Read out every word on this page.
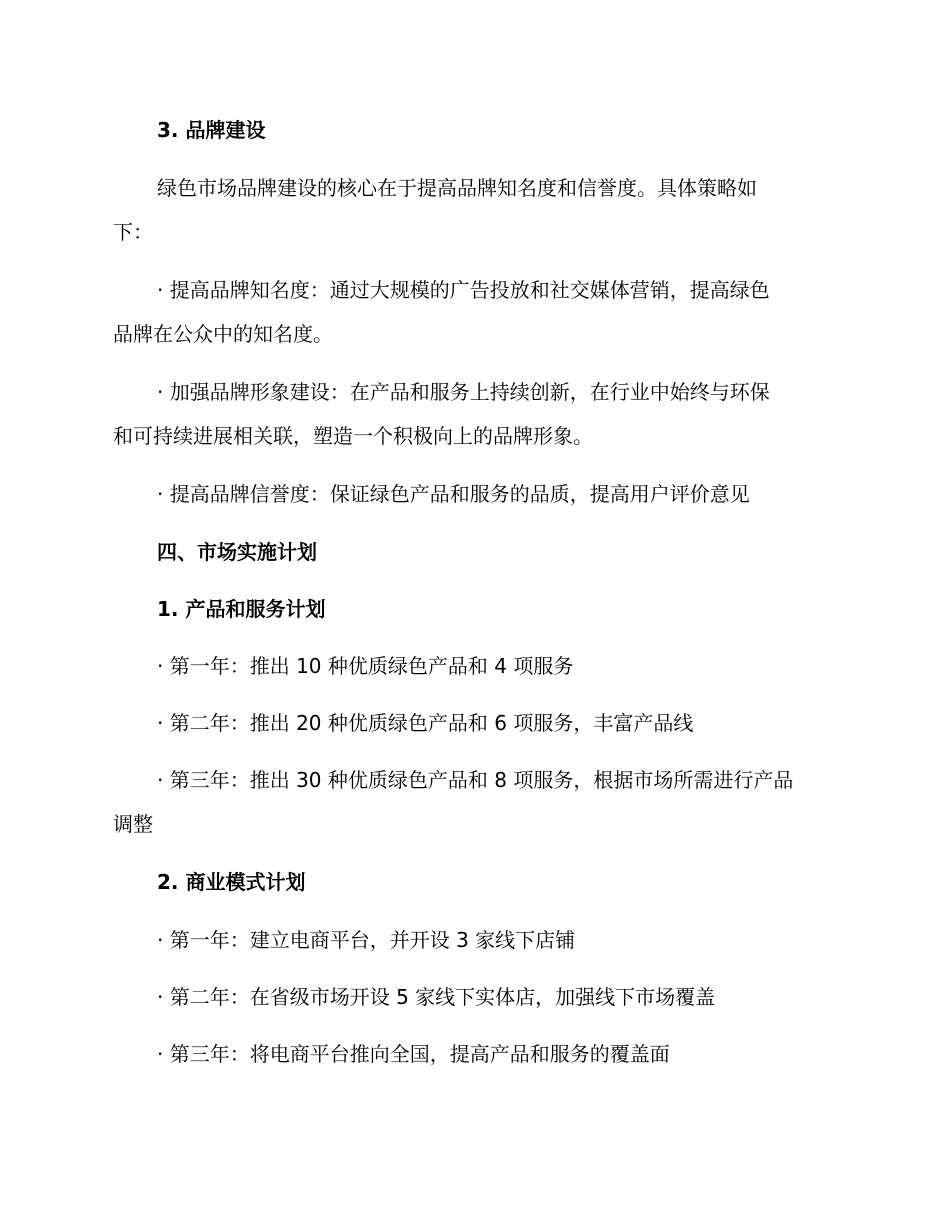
3. 品牌建设
绿色市场品牌建设的核心在于提高品牌知名度和信誉度。具体策略如
下：
· 提高品牌知名度：通过大规模的广告投放和社交媒体营销，提高绿色
品牌在公众中的知名度。
· 加强品牌形象建设：在产品和服务上持续创新，在行业中始终与环保
和可持续进展相关联，塑造一个积极向上的品牌形象。
· 提高品牌信誉度：保证绿色产品和服务的品质，提高用户评价意见
四、市场实施计划
1. 产品和服务计划
· 第一年：推出 10 种优质绿色产品和 4 项服务
· 第二年：推出 20 种优质绿色产品和 6 项服务，丰富产品线
· 第三年：推出 30 种优质绿色产品和 8 项服务，根据市场所需进行产品
调整
2. 商业模式计划
· 第一年：建立电商平台，并开设 3 家线下店铺
· 第二年：在省级市场开设 5 家线下实体店，加强线下市场覆盖
· 第三年：将电商平台推向全国，提高产品和服务的覆盖面
